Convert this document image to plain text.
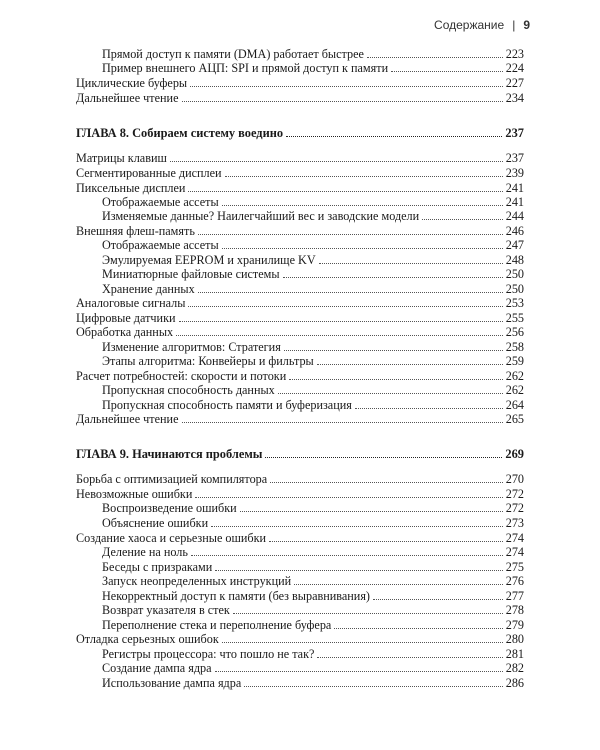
Содержание | 9
Прямой доступ к памяти (DMA) работает быстрее	223
Пример внешнего АЦП: SPI и прямой доступ к памяти	224
Циклические буферы	227
Дальнейшее чтение	234
ГЛАВА 8. Собираем систему воедино	237
Матрицы клавиш	237
Сегментированные дисплеи	239
Пиксельные дисплеи	241
Отображаемые ассеты	241
Изменяемые данные? Наилегчайший вес и заводские модели	244
Внешняя флеш-память	246
Отображаемые ассеты	247
Эмулируемая EEPROM и хранилище KV	248
Миниатюрные файловые системы	250
Хранение данных	250
Аналоговые сигналы	253
Цифровые датчики	255
Обработка данных	256
Изменение алгоритмов: Стратегия	258
Этапы алгоритма: Конвейеры и фильтры	259
Расчет потребностей: скорости и потоки	262
Пропускная способность данных	262
Пропускная способность памяти и буферизация	264
Дальнейшее чтение	265
ГЛАВА 9. Начинаются проблемы	269
Борьба с оптимизацией компилятора	270
Невозможные ошибки	272
Воспроизведение ошибки	272
Объяснение ошибки	273
Создание хаоса и серьезные ошибки	274
Деление на ноль	274
Беседы с призраками	275
Запуск неопределенных инструкций	276
Некорректный доступ к памяти (без выравнивания)	277
Возврат указателя в стек	278
Переполнение стека и переполнение буфера	279
Отладка серьезных ошибок	280
Регистры процессора: что пошло не так?	281
Создание дампа ядра	282
Использование дампа ядра	286
